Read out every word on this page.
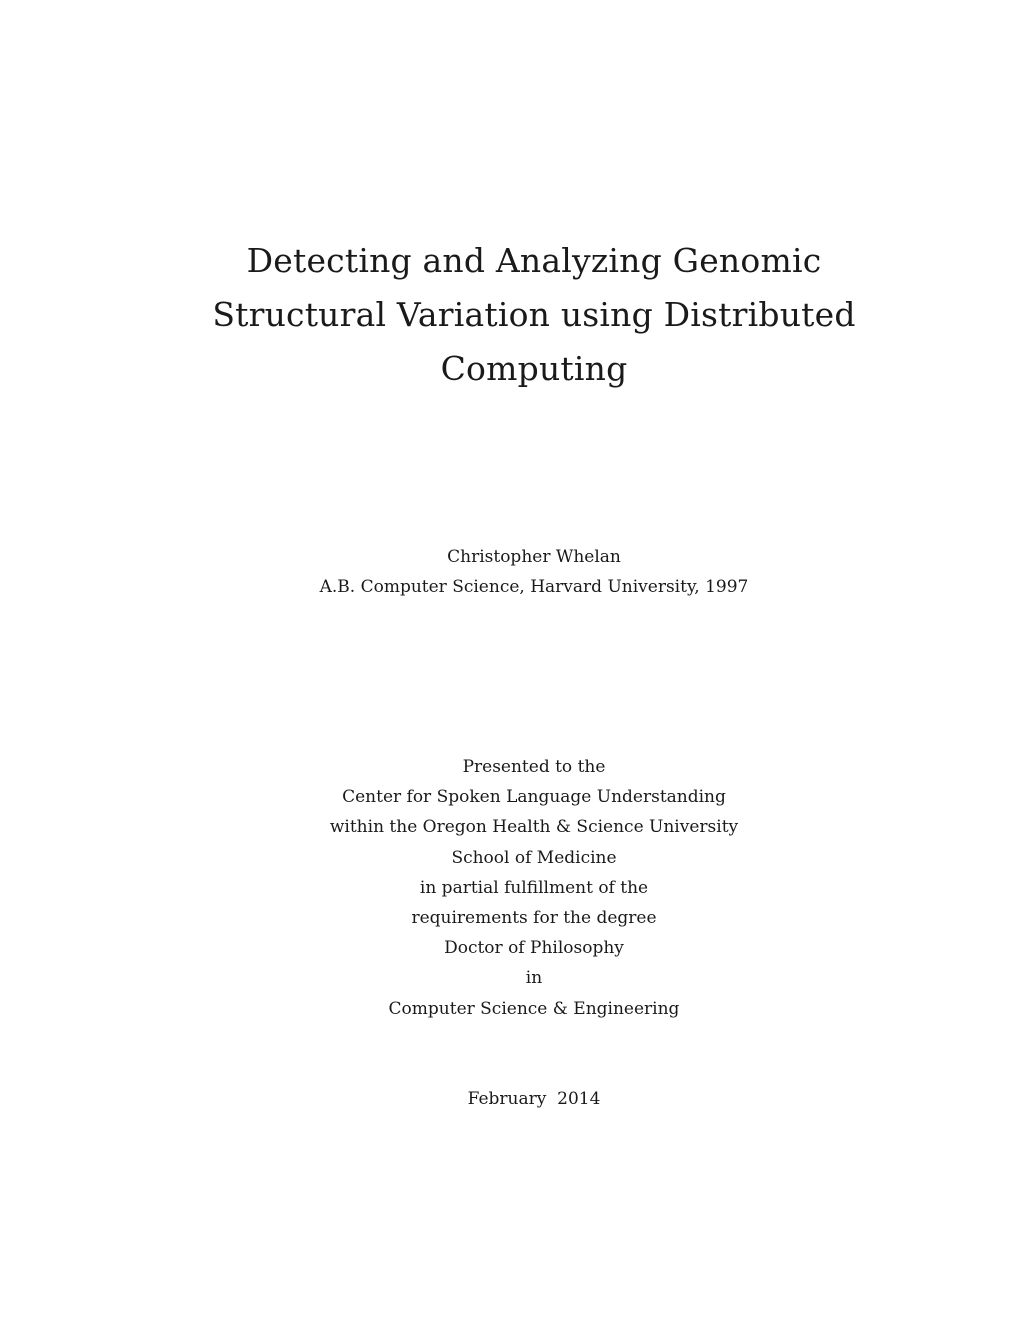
Detecting and Analyzing Genomic
Structural Variation using Distributed
Computing
Christopher Whelan
A.B. Computer Science, Harvard University, 1997
Presented to the
Center for Spoken Language Understanding
within the Oregon Health & Science University
School of Medicine
in partial fulfillment of the
requirements for the degree
Doctor of Philosophy
in
Computer Science & Engineering
February  2014
